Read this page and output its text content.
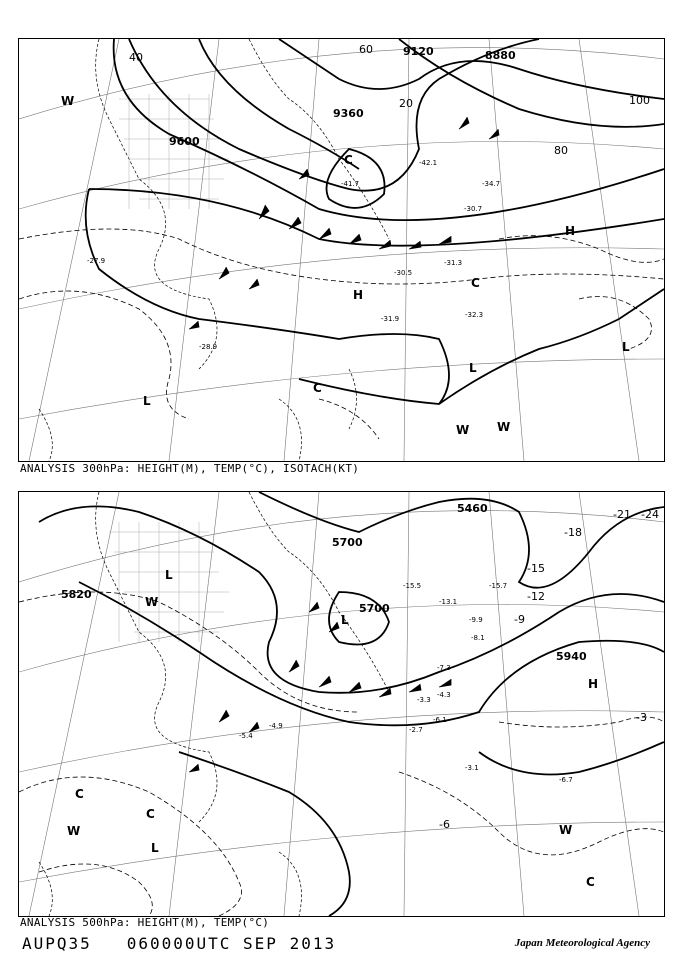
9120	8880
9360
9600
20
40
60
80
100
H
H
L
L
L
C
C
C
W
W W
-27.9
-30.5
-31.3
-32.3
-31.9
-28.9
-30.7
-34.7
-42.1
-41.7
ANALYSIS 300hPa: HEIGHT(M), TEMP(°C), ISOTACH(KT)
5460
5700
5700
5820
5940
-3
-6
-9
-12
-15
-18
-21 -24
H
L
L
L
C
C
C
W
W	W
-15.5	-15.7
-13.1
-9.9
-8.1
-7.3
-4.3
-6.1
-2.7
-3.3
-4.9
-5.4
-6.7
-3.1
ANALYSIS 500hPa: HEIGHT(M), TEMP(°C)
AUPQ35 060000UTC SEP 2013	Japan Meteorological Agency
